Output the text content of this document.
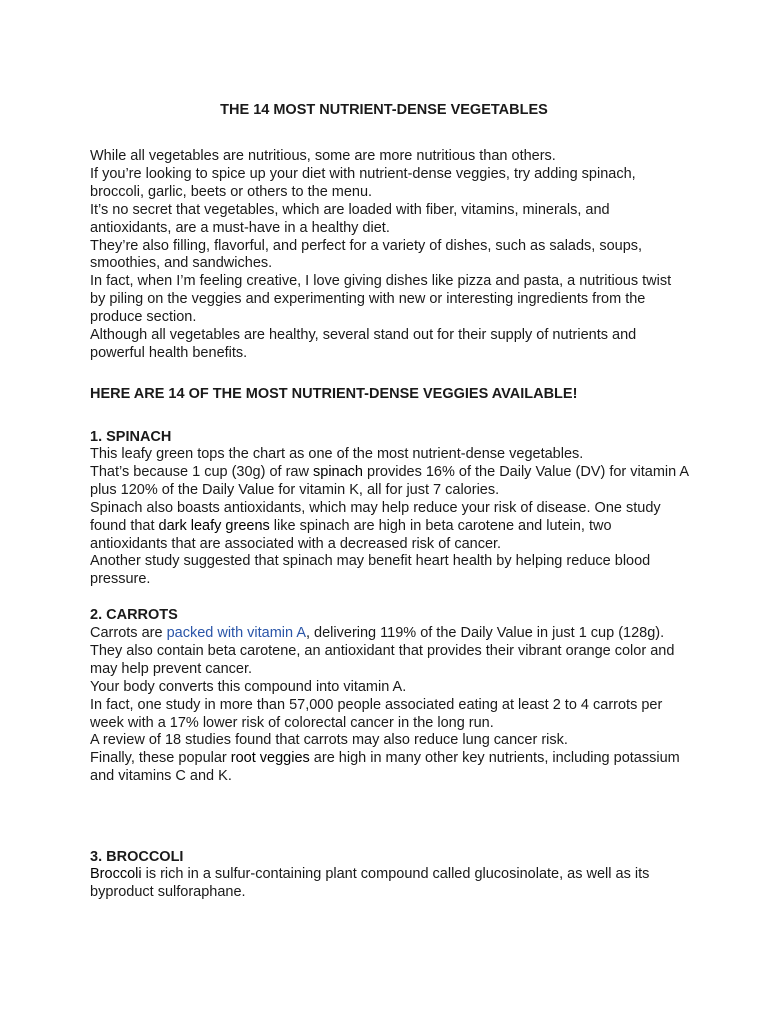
THE 14 MOST NUTRIENT-DENSE VEGETABLES

While all vegetables are nutritious, some are more nutritious than others.

If you’re looking to spice up your diet with nutrient-dense veggies, try adding spinach, broccoli, garlic, beets or others to the menu.

It’s no secret that vegetables, which are loaded with fiber, vitamins, minerals, and antioxidants, are a must-have in a healthy diet.

They’re also filling, flavorful, and perfect for a variety of dishes, such as salads, soups, smoothies, and sandwiches.

In fact, when I’m feeling creative, I love giving dishes like pizza and pasta, a nutritious twist by piling on the veggies and experimenting with new or interesting ingredients from the produce section.

Although all vegetables are healthy, several stand out for their supply of nutrients and powerful health benefits.

HERE ARE 14 OF THE MOST NUTRIENT-DENSE VEGGIES AVAILABLE!
1. SPINACH

This leafy green tops the chart as one of the most nutrient-dense vegetables.

That’s because 1 cup (30g) of raw spinach provides 16% of the Daily Value (DV) for vitamin A plus 120% of the Daily Value for vitamin K, all for just 7 calories.

Spinach also boasts antioxidants, which may help reduce your risk of disease. One study found that dark leafy greens like spinach are high in beta carotene and lutein, two antioxidants that are associated with a decreased risk of cancer.

Another study suggested that spinach may benefit heart health by helping reduce blood pressure.

2. CARROTS

Carrots are packed with vitamin A, delivering 119% of the Daily Value in just 1 cup (128g).

They also contain beta carotene, an antioxidant that provides their vibrant orange color and may help prevent cancer.

Your body converts this compound into vitamin A.

In fact, one study in more than 57,000 people associated eating at least 2 to 4 carrots per week with a 17% lower risk of colorectal cancer in the long run.

A review of 18 studies found that carrots may also reduce lung cancer risk.

Finally, these popular root veggies are high in many other key nutrients, including potassium and vitamins C and K.

3. BROCCOLI

Broccoli is rich in a sulfur-containing plant compound called glucosinolate, as well as its byproduct sulforaphane.
